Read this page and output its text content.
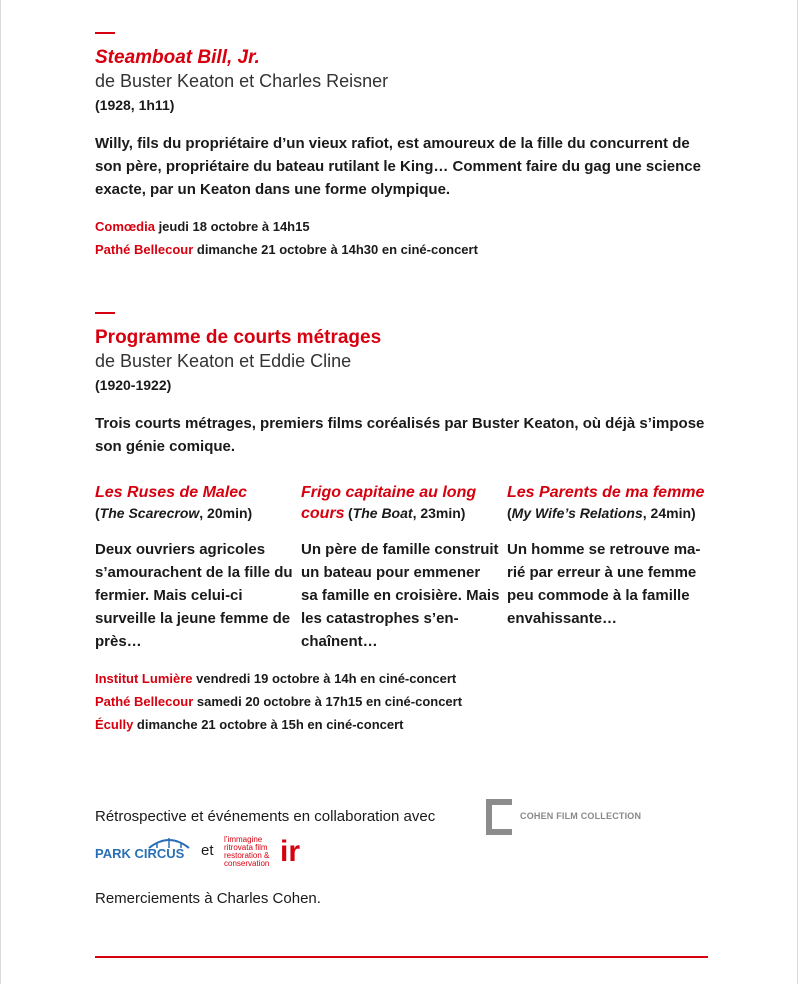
Steamboat Bill, Jr.
de Buster Keaton et Charles Reisner
(1928, 1h11)
Willy, fils du propriétaire d’un vieux rafiot, est amoureux de la fille du concurrent de son père, propriétaire du bateau rutilant le King… Comment faire du gag une science exacte, par un Keaton dans une forme olympique.
Comœdia jeudi 18 octobre à 14h15
Pathé Bellecour dimanche 21 octobre à 14h30 en ciné-concert
Programme de courts métrages
de Buster Keaton et Eddie Cline
(1920-1922)
Trois courts métrages, premiers films coréalisés par Buster Keaton, où déjà s’impose son génie comique.
Les Ruses de Malec
(The Scarecrow, 20min)

Deux ouvriers agricoles s’amourachent de la fille du fermier. Mais celui-ci surveille la jeune femme de près…

Frigo capitaine au long cours (The Boat, 23min)

Un père de famille construit un bateau pour emmener sa famille en croisière. Mais les catastrophes s’en-chaînent…

Les Parents de ma femme
(My Wife’s Relations, 24min)

Un homme se retrouve ma-rié par erreur à une femme peu commode à la famille envahissante…

Institut Lumière vendredi 19 octobre à 14h en ciné-concert
Pathé Bellecour samedi 20 octobre à 17h15 en ciné-concert
Écully dimanche 21 octobre à 15h en ciné-concert
Rétrospective et événements en collaboration avec	COHEN FILM COLLECTION
PARK CIRCUS et
l’immagine ritrovata film restoration & conservation ir
Remerciements à Charles Cohen.
